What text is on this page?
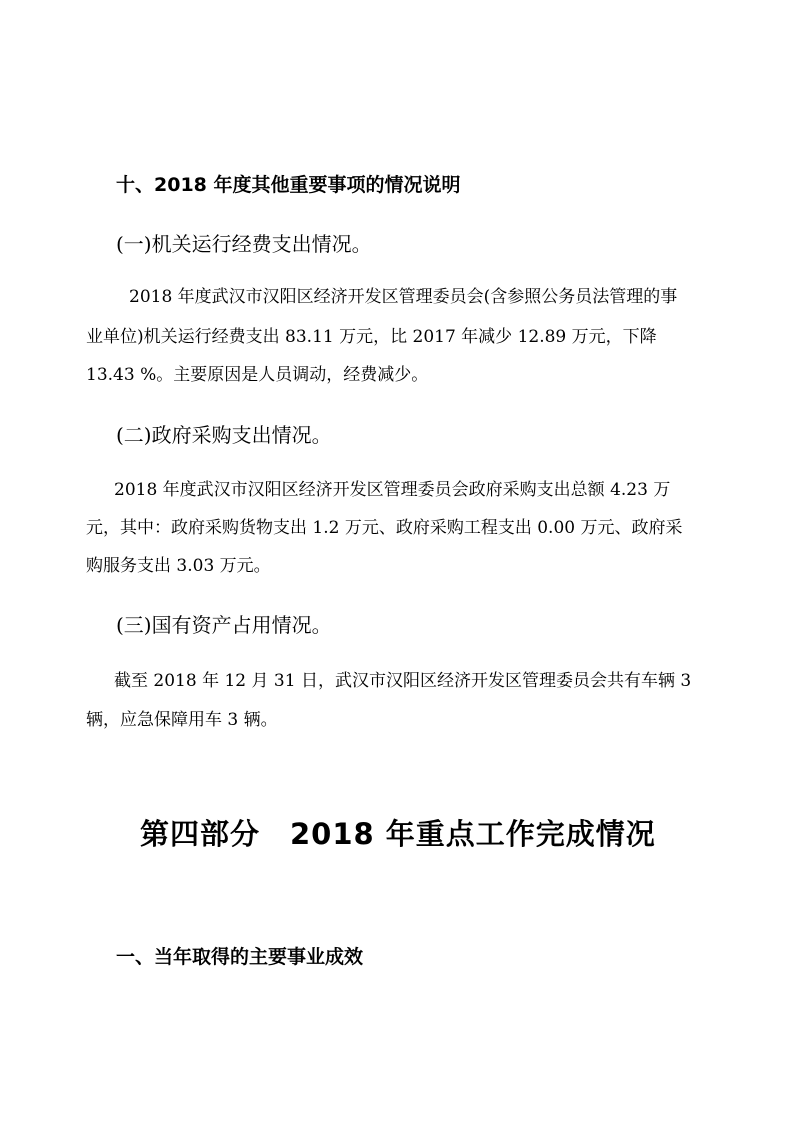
十、2018 年度其他重要事项的情况说明
(一)机关运行经费支出情况。
2018 年度武汉市汉阳区经济开发区管理委员会(含参照公务员法管理的事
业单位)机关运行经费支出 83.11 万元，比 2017 年减少 12.89 万元，下降
13.43 %。主要原因是人员调动，经费减少。
(二)政府采购支出情况。
2018 年度武汉市汉阳区经济开发区管理委员会政府采购支出总额 4.23 万
元，其中：政府采购货物支出 1.2 万元、政府采购工程支出 0.00 万元、政府采
购服务支出 3.03 万元。
(三)国有资产占用情况。
截至 2018 年 12 月 31 日，武汉市汉阳区经济开发区管理委员会共有车辆 3
辆，应急保障用车 3 辆。
第四部分　2018 年重点工作完成情况
一、当年取得的主要事业成效
